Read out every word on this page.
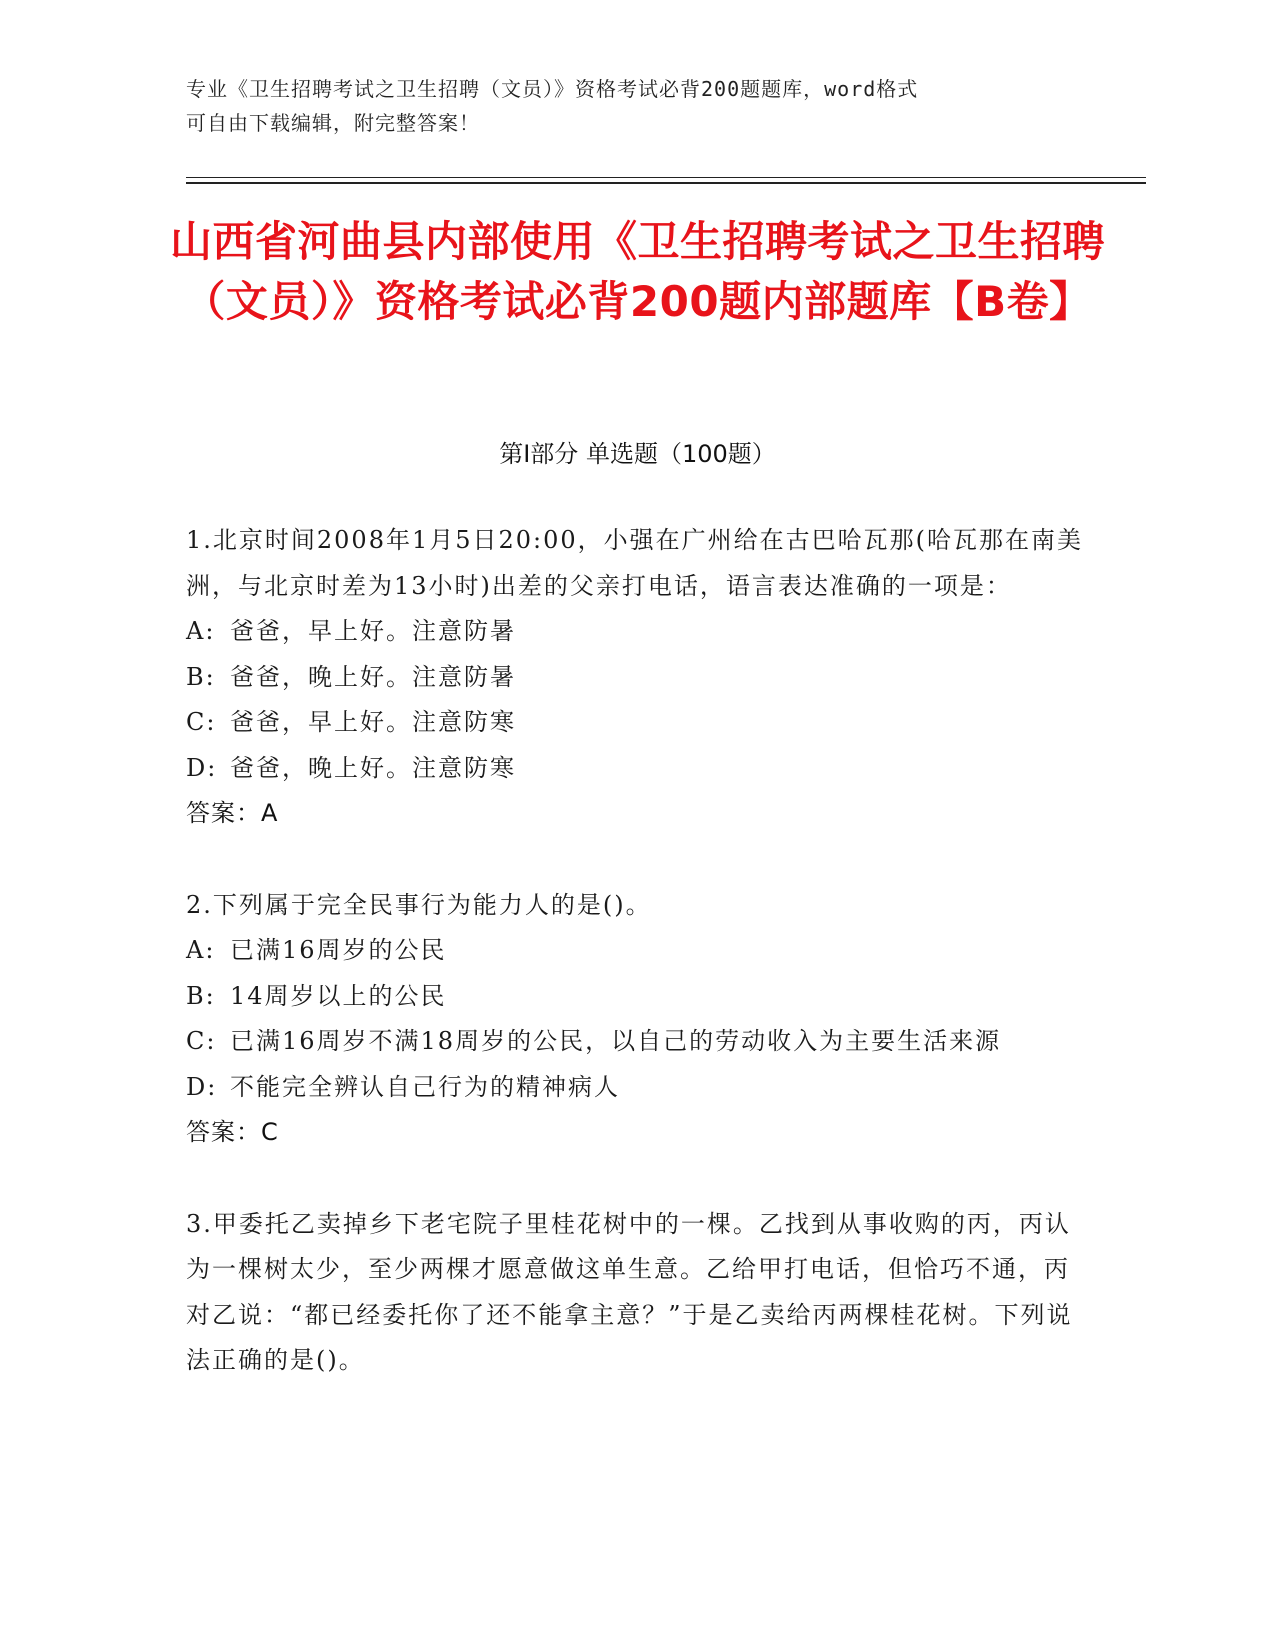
专业《卫生招聘考试之卫生招聘（文员）》资格考试必背200题题库，word格式
可自由下载编辑，附完整答案！
山西省河曲县内部使用《卫生招聘考试之卫生招聘（文员）》资格考试必背200题内部题库【B卷】
第Ⅰ部分 单选题（100题）
1.北京时间2008年1月5日20:00，小强在广州给在古巴哈瓦那(哈瓦那在南美洲，与北京时差为13小时)出差的父亲打电话，语言表达准确的一项是：
A: 爸爸，早上好。注意防暑
B: 爸爸，晚上好。注意防暑
C: 爸爸，早上好。注意防寒
D: 爸爸，晚上好。注意防寒
答案：A
2.下列属于完全民事行为能力人的是()。
A: 已满16周岁的公民
B: 14周岁以上的公民
C: 已满16周岁不满18周岁的公民，以自己的劳动收入为主要生活来源
D: 不能完全辨认自己行为的精神病人
答案：C
3.甲委托乙卖掉乡下老宅院子里桂花树中的一棵。乙找到从事收购的丙，丙认为一棵树太少，至少两棵才愿意做这单生意。乙给甲打电话，但恰巧不通，丙对乙说：“都已经委托你了还不能拿主意？”于是乙卖给丙两棵桂花树。下列说法正确的是()。
